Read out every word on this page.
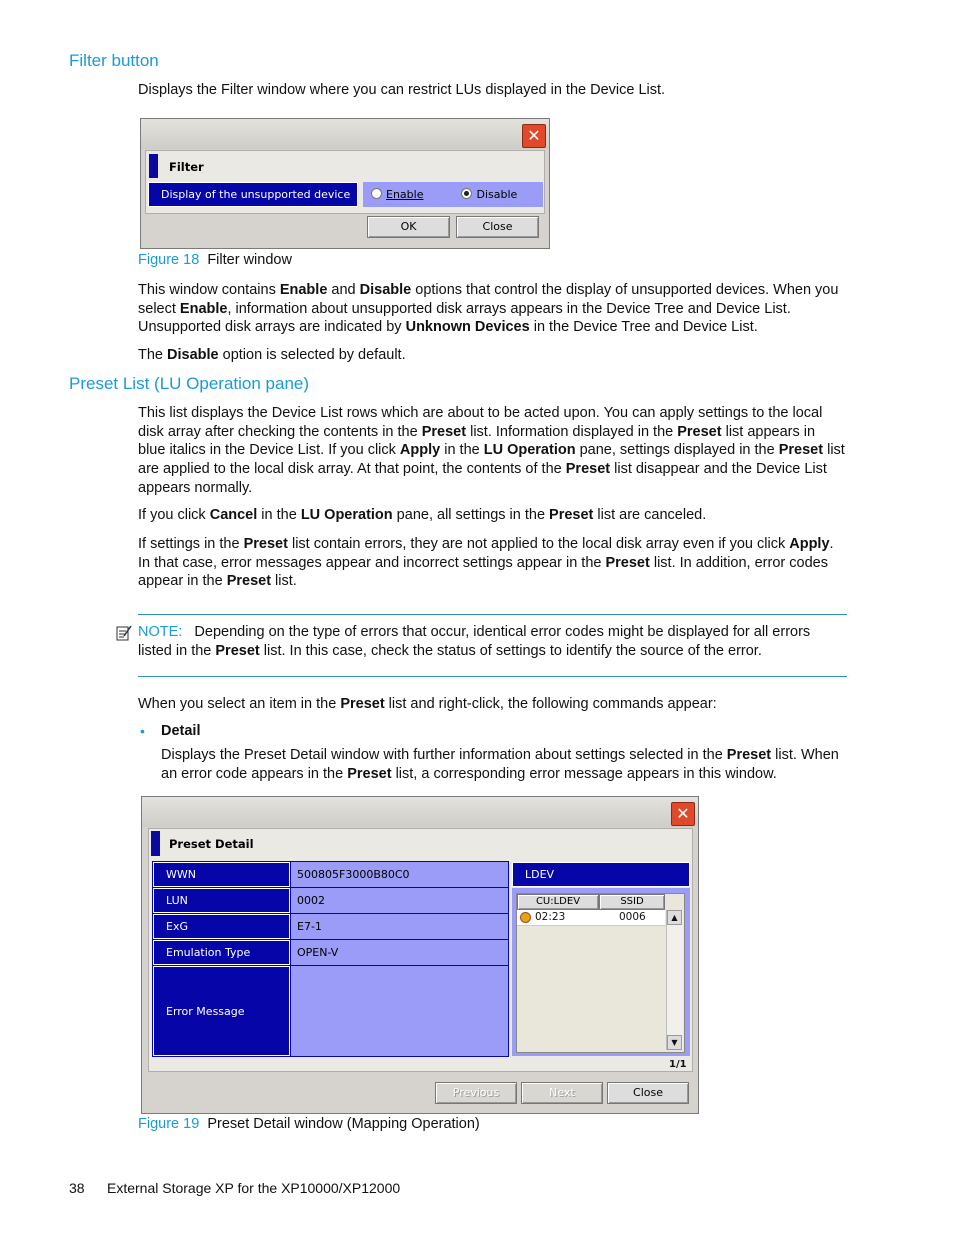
Filter button

Displays the Filter window where you can restrict LUs displayed in the Device List.

✕
Filter
Display of the unsupported device	Enable	Disable
OK	Close
Figure 18 Filter window

This window contains Enable and Disable options that control the display of unsupported devices. When you select Enable, information about unsupported disk arrays appears in the Device Tree and Device List. Unsupported disk arrays are indicated by Unknown Devices in the Device Tree and Device List.

The Disable option is selected by default.

Preset List (LU Operation pane)

This list displays the Device List rows which are about to be acted upon. You can apply settings to the local disk array after checking the contents in the Preset list. Information displayed in the Preset list appears in blue italics in the Device List. If you click Apply in the LU Operation pane, settings displayed in the Preset list are applied to the local disk array. At that point, the contents of the Preset list disappear and the Device List appears normally.

If you click Cancel in the LU Operation pane, all settings in the Preset list are canceled.

If settings in the Preset list contain errors, they are not applied to the local disk array even if you click Apply. In that case, error messages appear and incorrect settings appear in the Preset list. In addition, error codes appear in the Preset list.

NOTE: Depending on the type of errors that occur, identical error codes might be displayed for all errors listed in the Preset list. In this case, check the status of settings to identify the source of the error.

When you select an item in the Preset list and right-click, the following commands appear:

• Detail

Displays the Preset Detail window with further information about settings selected in the Preset list. When an error code appears in the Preset list, a corresponding error message appears in this window.

✕
Preset Detail
WWN	500805F3000B80C0
LUN	0002
ExG	E7-1
Emulation Type	OPEN-V
Error Message
LDEV
CU:LDEV	SSID
02:23	0006	▲
▼
1/1
Previous	Next	Close
Figure 19 Preset Detail window (Mapping Operation)
38 External Storage XP for the XP10000/XP12000
